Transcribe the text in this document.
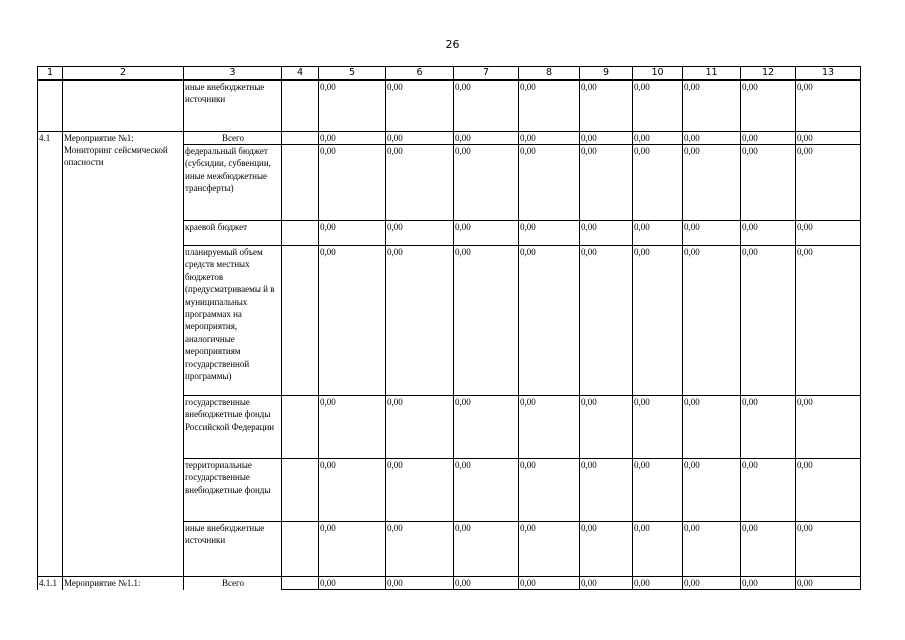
26
1	2	3	4	5	6	7	8	9	10	11	12	13
		иные внебюджетные источники		0,00	0,00	0,00	0,00	0,00	0,00	0,00	0,00	0,00
4.1	Мероприятие №1: Мониторинг сейсмической опасности	Всего		0,00	0,00	0,00	0,00	0,00	0,00	0,00	0,00	0,00
		федеральный бюджет (субсидии, субвенции, иные межбюджетные трансферты)		0,00	0,00	0,00	0,00	0,00	0,00	0,00	0,00	0,00
		краевой бюджет		0,00	0,00	0,00	0,00	0,00	0,00	0,00	0,00	0,00
		планируемый объем средств местных бюджетов (предусматриваемы й в муниципальных программах на мероприятия, аналогичные мероприятиям государственной программы)		0,00	0,00	0,00	0,00	0,00	0,00	0,00	0,00	0,00
		государственные внебюджетные фонды Российской Федерации		0,00	0,00	0,00	0,00	0,00	0,00	0,00	0,00	0,00
		территориальные государственные внебюджетные фонды		0,00	0,00	0,00	0,00	0,00	0,00	0,00	0,00	0,00
		иные внебюджетные источники		0,00	0,00	0,00	0,00	0,00	0,00	0,00	0,00	0,00
4.1.1	Мероприятие №1.1:	Всего		0,00	0,00	0,00	0,00	0,00	0,00	0,00	0,00	0,00
